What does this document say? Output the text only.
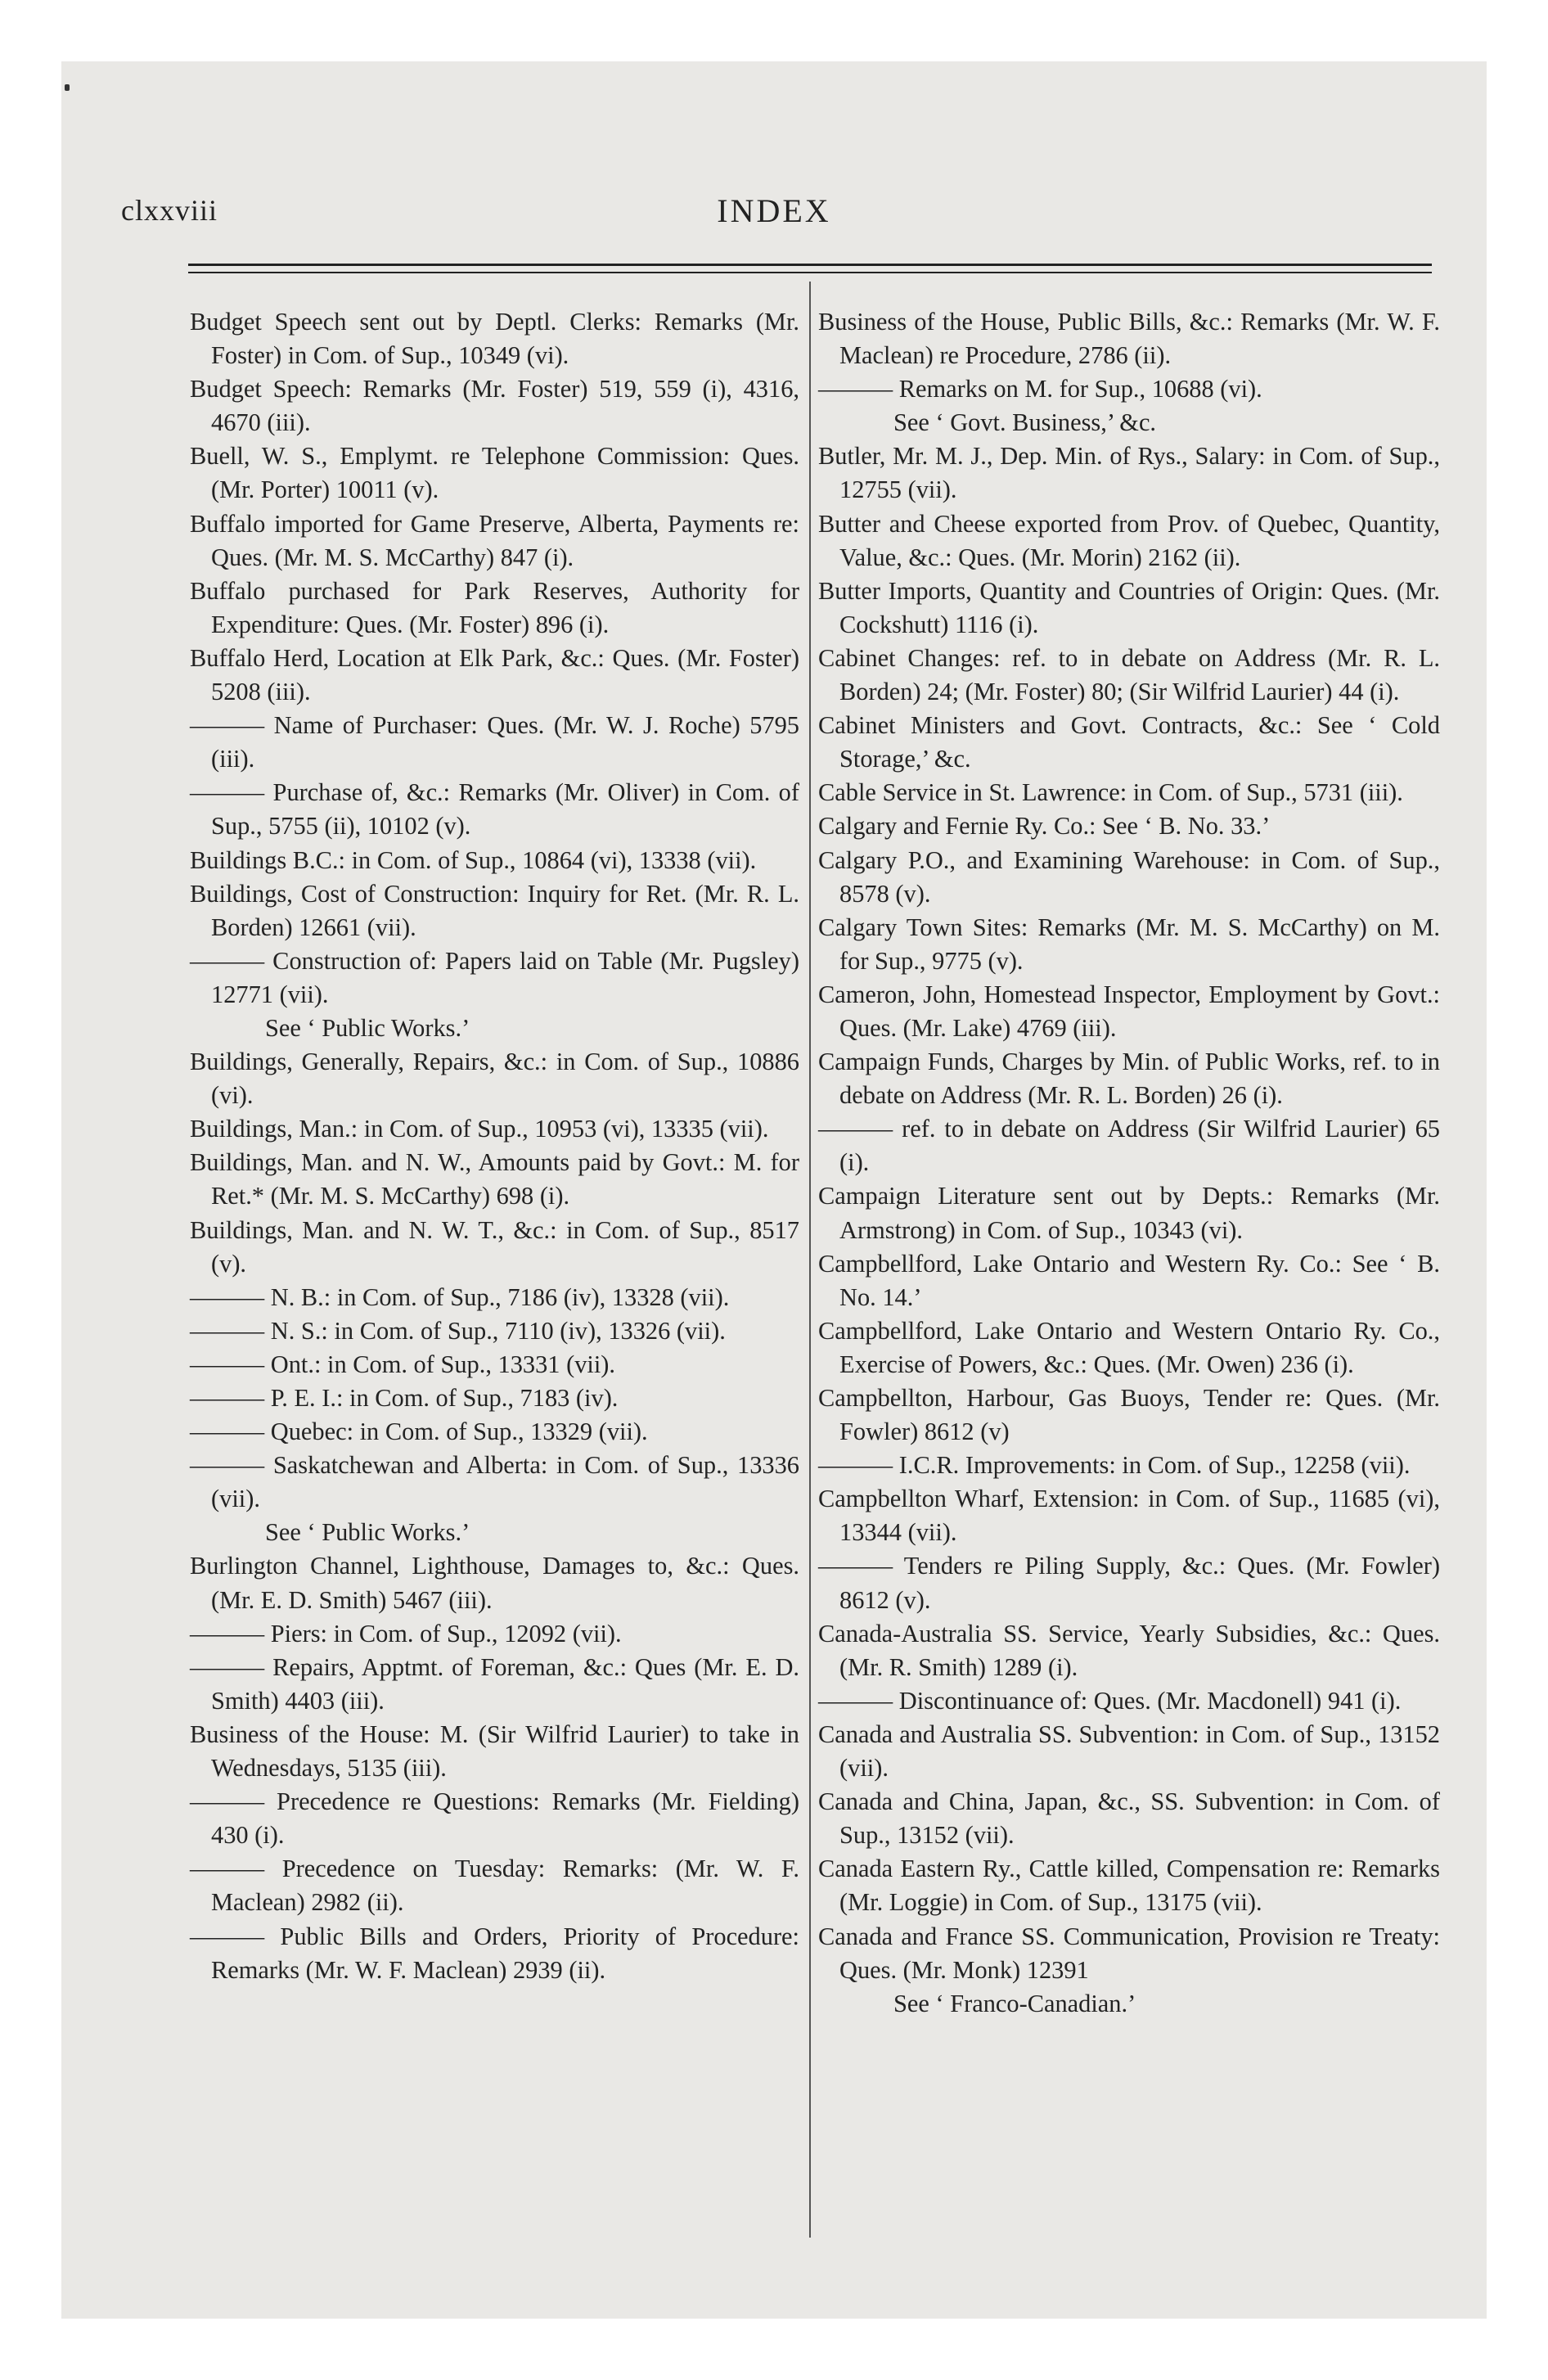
clxxviii	INDEX

Budget Speech sent out by Deptl. Clerks: Remarks (Mr. Foster) in Com. of Sup., 10349 (vi).

Budget Speech: Remarks (Mr. Foster) 519, 559 (i), 4316, 4670 (iii).

Buell, W. S., Emplymt. re Telephone Commission: Ques. (Mr. Porter) 10011 (v).

Buffalo imported for Game Preserve, Alberta, Payments re: Ques. (Mr. M. S. McCarthy) 847 (i).

Buffalo purchased for Park Reserves, Authority for Expenditure: Ques. (Mr. Foster) 896 (i).

Buffalo Herd, Location at Elk Park, &c.: Ques. (Mr. Foster) 5208 (iii).

——— Name of Purchaser: Ques. (Mr. W. J. Roche) 5795 (iii).

——— Purchase of, &c.: Remarks (Mr. Oliver) in Com. of Sup., 5755 (ii), 10102 (v).

Buildings B.C.: in Com. of Sup., 10864 (vi), 13338 (vii).

Buildings, Cost of Construction: Inquiry for Ret. (Mr. R. L. Borden) 12661 (vii).

——— Construction of: Papers laid on Table (Mr. Pugsley) 12771 (vii).

See ‘ Public Works.’

Buildings, Generally, Repairs, &c.: in Com. of Sup., 10886 (vi).

Buildings, Man.: in Com. of Sup., 10953 (vi), 13335 (vii).

Buildings, Man. and N. W., Amounts paid by Govt.: M. for Ret.* (Mr. M. S. McCarthy) 698 (i).

Buildings, Man. and N. W. T., &c.: in Com. of Sup., 8517 (v).

——— N. B.: in Com. of Sup., 7186 (iv), 13328 (vii).

——— N. S.: in Com. of Sup., 7110 (iv), 13326 (vii).

——— Ont.: in Com. of Sup., 13331 (vii).

——— P. E. I.: in Com. of Sup., 7183 (iv).

——— Quebec: in Com. of Sup., 13329 (vii).

——— Saskatchewan and Alberta: in Com. of Sup., 13336 (vii).

See ‘ Public Works.’

Burlington Channel, Lighthouse, Damages to, &c.: Ques. (Mr. E. D. Smith) 5467 (iii).

——— Piers: in Com. of Sup., 12092 (vii).

——— Repairs, Apptmt. of Foreman, &c.: Ques (Mr. E. D. Smith) 4403 (iii).

Business of the House: M. (Sir Wilfrid Laurier) to take in Wednesdays, 5135 (iii).

——— Precedence re Questions: Remarks (Mr. Fielding) 430 (i).

——— Precedence on Tuesday: Remarks: (Mr. W. F. Maclean) 2982 (ii).

——— Public Bills and Orders, Priority of Procedure: Remarks (Mr. W. F. Maclean) 2939 (ii).

Business of the House, Public Bills, &c.: Remarks (Mr. W. F. Maclean) re Procedure, 2786 (ii).

——— Remarks on M. for Sup., 10688 (vi).

See ‘ Govt. Business,’ &c.

Butler, Mr. M. J., Dep. Min. of Rys., Salary: in Com. of Sup., 12755 (vii).

Butter and Cheese exported from Prov. of Quebec, Quantity, Value, &c.: Ques. (Mr. Morin) 2162 (ii).

Butter Imports, Quantity and Countries of Origin: Ques. (Mr. Cockshutt) 1116 (i).

Cabinet Changes: ref. to in debate on Address (Mr. R. L. Borden) 24; (Mr. Foster) 80; (Sir Wilfrid Laurier) 44 (i).

Cabinet Ministers and Govt. Contracts, &c.: See ‘ Cold Storage,’ &c.

Cable Service in St. Lawrence: in Com. of Sup., 5731 (iii).

Calgary and Fernie Ry. Co.: See ‘ B. No. 33.’

Calgary P.O., and Examining Warehouse: in Com. of Sup., 8578 (v).

Calgary Town Sites: Remarks (Mr. M. S. McCarthy) on M. for Sup., 9775 (v).

Cameron, John, Homestead Inspector, Employment by Govt.: Ques. (Mr. Lake) 4769 (iii).

Campaign Funds, Charges by Min. of Public Works, ref. to in debate on Address (Mr. R. L. Borden) 26 (i).

——— ref. to in debate on Address (Sir Wilfrid Laurier) 65 (i).

Campaign Literature sent out by Depts.: Remarks (Mr. Armstrong) in Com. of Sup., 10343 (vi).

Campbellford, Lake Ontario and Western Ry. Co.: See ‘ B. No. 14.’

Campbellford, Lake Ontario and Western Ontario Ry. Co., Exercise of Powers, &c.: Ques. (Mr. Owen) 236 (i).

Campbellton, Harbour, Gas Buoys, Tender re: Ques. (Mr. Fowler) 8612 (v)

——— I.C.R. Improvements: in Com. of Sup., 12258 (vii).

Campbellton Wharf, Extension: in Com. of Sup., 11685 (vi), 13344 (vii).

——— Tenders re Piling Supply, &c.: Ques. (Mr. Fowler) 8612 (v).

Canada-Australia SS. Service, Yearly Subsidies, &c.: Ques. (Mr. R. Smith) 1289 (i).

——— Discontinuance of: Ques. (Mr. Macdonell) 941 (i).

Canada and Australia SS. Subvention: in Com. of Sup., 13152 (vii).

Canada and China, Japan, &c., SS. Subvention: in Com. of Sup., 13152 (vii).

Canada Eastern Ry., Cattle killed, Compensation re: Remarks (Mr. Loggie) in Com. of Sup., 13175 (vii).

Canada and France SS. Communication, Provision re Treaty: Ques. (Mr. Monk) 12391

See ‘ Franco-Canadian.’
